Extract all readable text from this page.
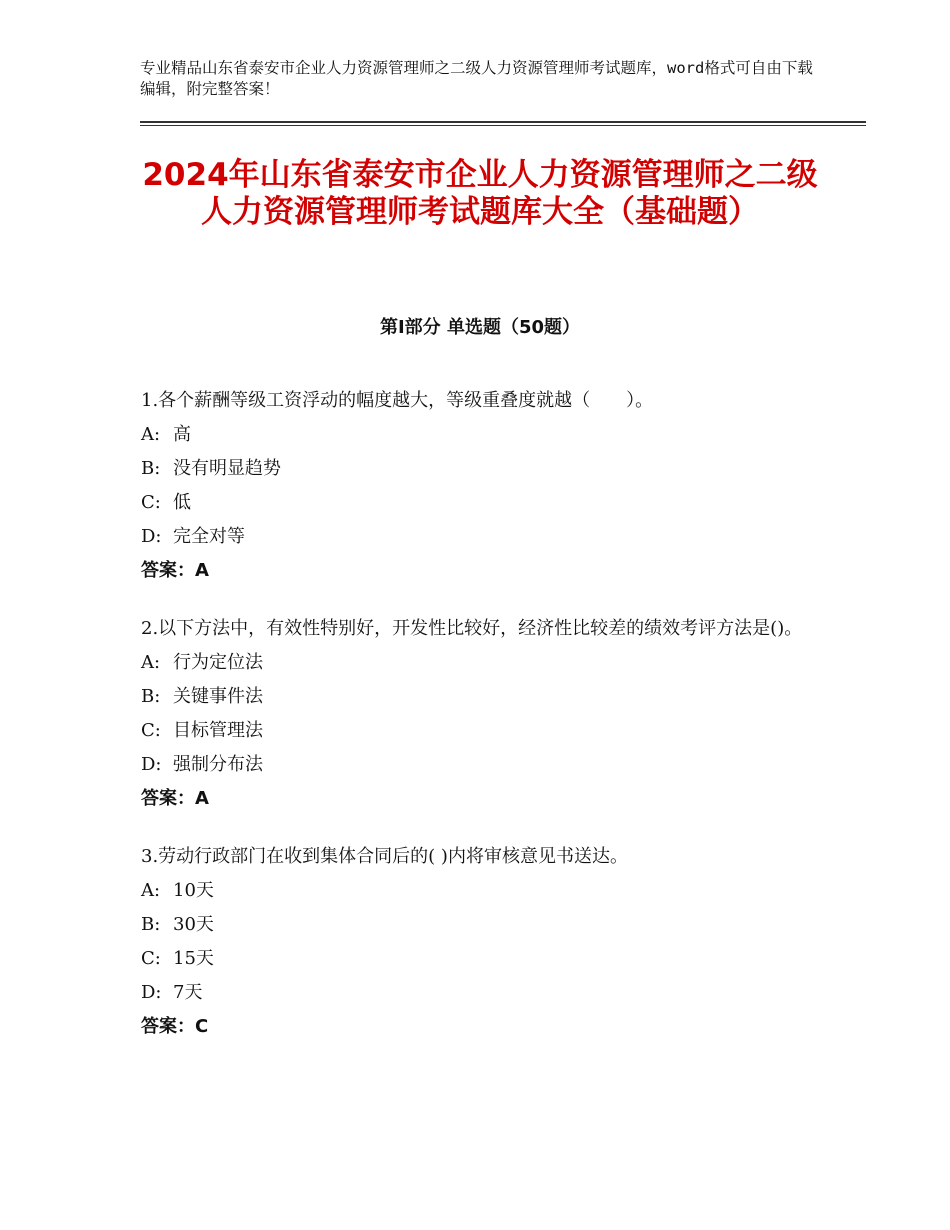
专业精品山东省泰安市企业人力资源管理师之二级人力资源管理师考试题库，word格式可自由下载编辑，附完整答案！
2024年山东省泰安市企业人力资源管理师之二级人力资源管理师考试题库大全（基础题）
第Ⅰ部分 单选题（50题）

1.各个薪酬等级工资浮动的幅度越大，等级重叠度就越（　　）。

A: 高

B: 没有明显趋势

C: 低

D: 完全对等

答案：A

2.以下方法中，有效性特别好，开发性比较好，经济性比较差的绩效考评方法是()。

A: 行为定位法

B: 关键事件法

C: 目标管理法

D: 强制分布法

答案：A

3.劳动行政部门在收到集体合同后的( )内将审核意见书送达。

A: 10天

B: 30天

C: 15天

D: 7天

答案：C
